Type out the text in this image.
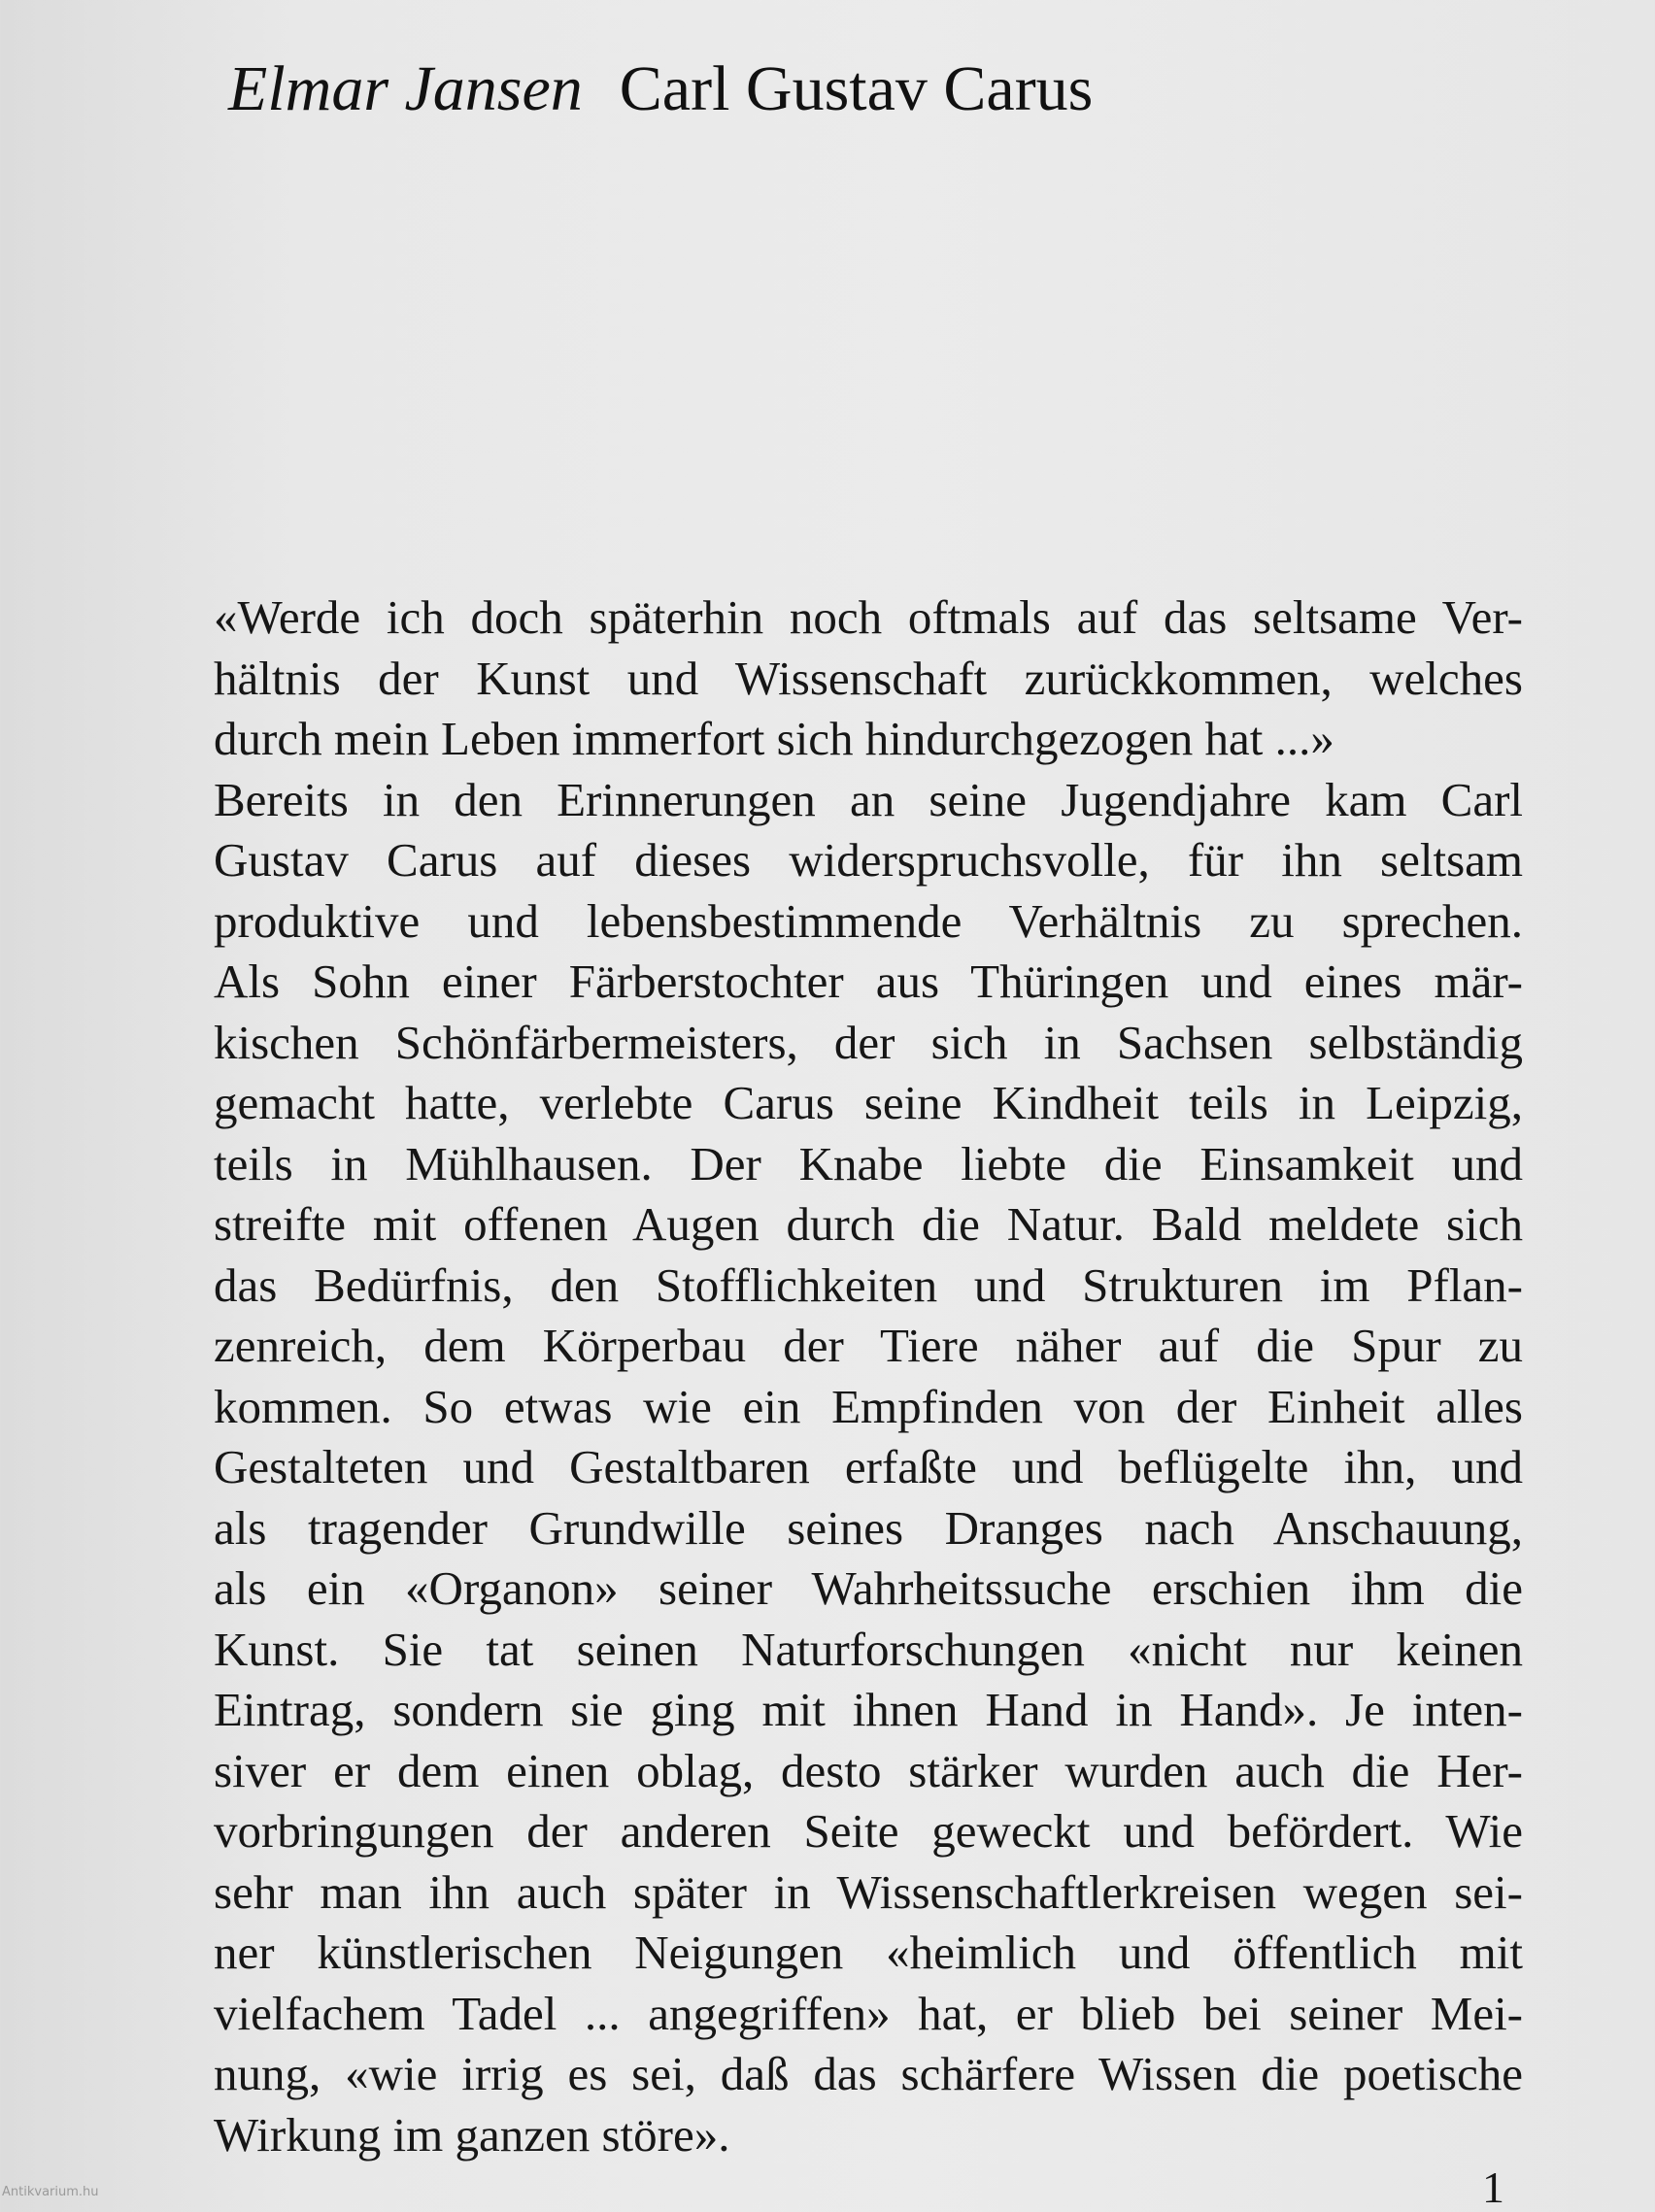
Elmar Jansen Carl Gustav Carus
«Werde ich doch späterhin noch oftmals auf das seltsame Ver-
hältnis der Kunst und Wissenschaft zurückkommen, welches
durch mein Leben immerfort sich hindurchgezogen hat ...»
Bereits in den Erinnerungen an seine Jugendjahre kam Carl
Gustav Carus auf dieses widerspruchsvolle, für ihn seltsam
produktive und lebensbestimmende Verhältnis zu sprechen.
Als Sohn einer Färberstochter aus Thüringen und eines mär-
kischen Schönfärbermeisters, der sich in Sachsen selbständig
gemacht hatte, verlebte Carus seine Kindheit teils in Leipzig,
teils in Mühlhausen. Der Knabe liebte die Einsamkeit und
streifte mit offenen Augen durch die Natur. Bald meldete sich
das Bedürfnis, den Stofflichkeiten und Strukturen im Pflan-
zenreich, dem Körperbau der Tiere näher auf die Spur zu
kommen. So etwas wie ein Empfinden von der Einheit alles
Gestalteten und Gestaltbaren erfaßte und beflügelte ihn, und
als tragender Grundwille seines Dranges nach Anschauung,
als ein «Organon» seiner Wahrheitssuche erschien ihm die
Kunst. Sie tat seinen Naturforschungen «nicht nur keinen
Eintrag, sondern sie ging mit ihnen Hand in Hand». Je inten-
siver er dem einen oblag, desto stärker wurden auch die Her-
vorbringungen der anderen Seite geweckt und befördert. Wie
sehr man ihn auch später in Wissenschaftlerkreisen wegen sei-
ner künstlerischen Neigungen «heimlich und öffentlich mit
vielfachem Tadel ... angegriffen» hat, er blieb bei seiner Mei-
nung, «wie irrig es sei, daß das schärfere Wissen die poetische
Wirkung im ganzen störe».
1
Antikvarium.hu
